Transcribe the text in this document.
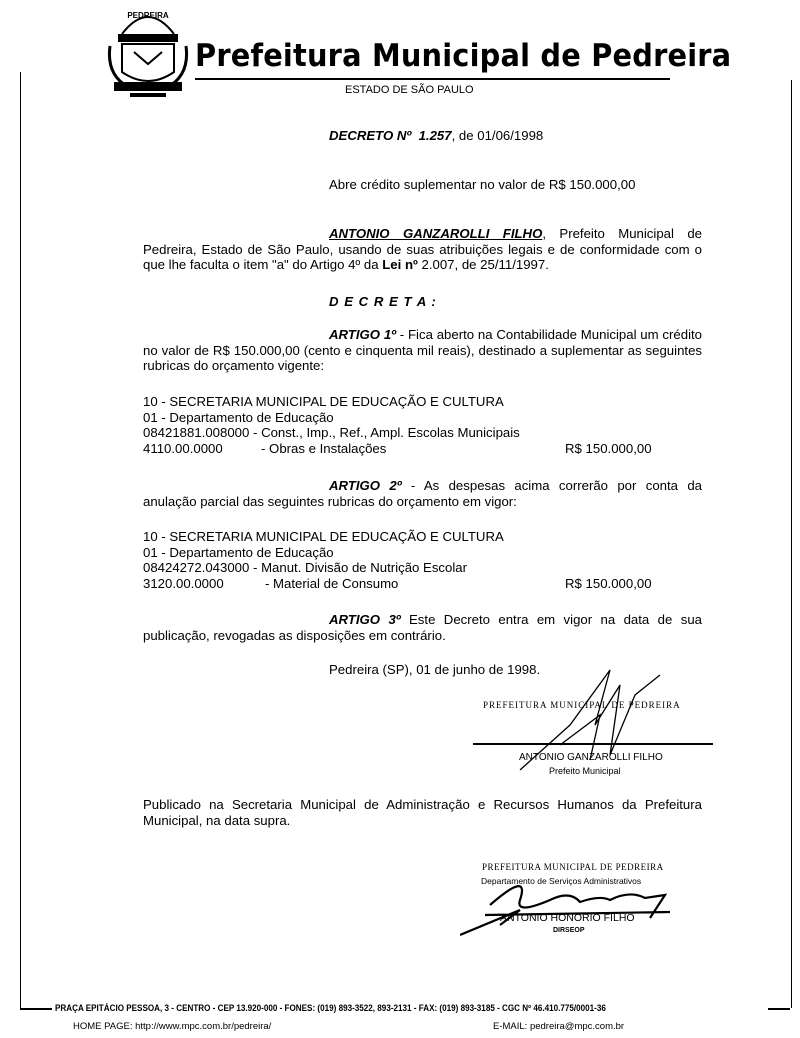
PEDREIRA
Prefeitura Municipal de Pedreira
ESTADO DE SÃO PAULO
DECRETO Nº 1.257, de 01/06/1998
Abre crédito suplementar no valor de R$ 150.000,00
ANTONIO GANZAROLLI FILHO, Prefeito Municipal de Pedreira, Estado de São Paulo, usando de suas atribuições legais e de conformidade com o que lhe faculta o item "a" do Artigo 4º da Lei nº 2.007, de 25/11/1997.
D E C R E T A :
ARTIGO 1º - Fica aberto na Contabilidade Municipal um crédito no valor de R$ 150.000,00 (cento e cinquenta mil reais), destinado a suplementar as seguintes rubricas do orçamento vigente:
10 - SECRETARIA MUNICIPAL DE EDUCAÇÃO E CULTURA
01 - Departamento de Educação
08421881.008000 - Const., Imp., Ref., Ampl. Escolas Municipais
4110.00.0000	- Obras e Instalações	R$ 150.000,00
ARTIGO 2º - As despesas acima correrão por conta da anulação parcial das seguintes rubricas do orçamento em vigor:
10 - SECRETARIA MUNICIPAL DE EDUCAÇÃO E CULTURA
01 - Departamento de Educação
08424272.043000 - Manut. Divisão de Nutrição Escolar
3120.00.0000	- Material de Consumo	R$ 150.000,00
ARTIGO 3º Este Decreto entra em vigor na data de sua publicação, revogadas as disposições em contrário.
Pedreira (SP), 01 de junho de 1998.
PREFEITURA MUNICIPAL DE PEDREIRA
ANTONIO GANZAROLLI FILHO
Prefeito Municipal
Publicado na Secretaria Municipal de Administração e Recursos Humanos da Prefeitura Municipal, na data supra.
PREFEITURA MUNICIPAL DE PEDREIRA
Departamento de Serviços Administrativos
ANTONIO HONORIO FILHO
DIRSEOP
PRAÇA EPITÁCIO PESSOA, 3 - CENTRO - CEP 13.920-000 - FONES: (019) 893-3522, 893-2131 - FAX: (019) 893-3185 - CGC Nº 46.410.775/0001-36
HOME PAGE: http://www.mpc.com.br/pedreira/	E-MAIL: pedreira@mpc.com.br
